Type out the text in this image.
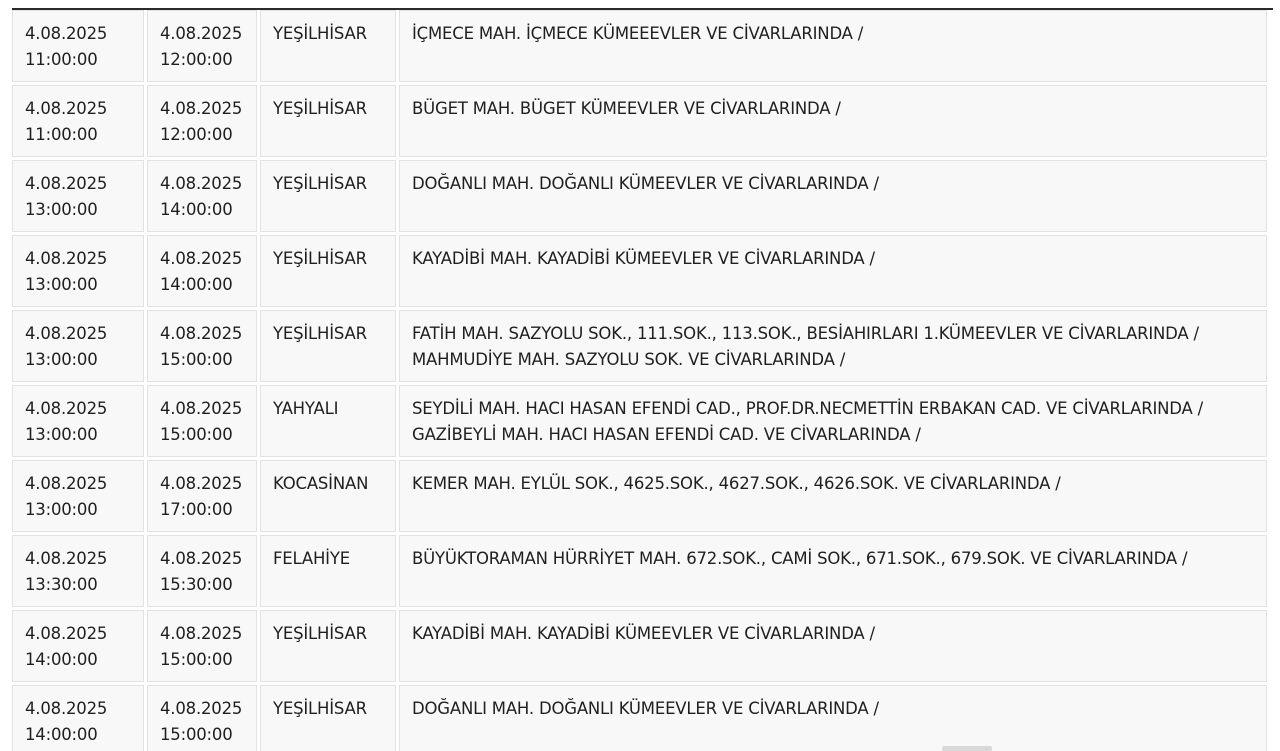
4.08.2025
11:00:00	4.08.2025
12:00:00	YEŞİLHİSAR	İÇMECE MAH. İÇMECE KÜMEEEVLER VE CİVARLARINDA /

4.08.2025
11:00:00	4.08.2025
12:00:00	YEŞİLHİSAR	BÜGET MAH. BÜGET KÜMEEVLER VE CİVARLARINDA /

4.08.2025
13:00:00	4.08.2025
14:00:00	YEŞİLHİSAR	DOĞANLI MAH. DOĞANLI KÜMEEVLER VE CİVARLARINDA /

4.08.2025
13:00:00	4.08.2025
14:00:00	YEŞİLHİSAR	KAYADİBİ MAH. KAYADİBİ KÜMEEVLER VE CİVARLARINDA /

4.08.2025
13:00:00	4.08.2025
15:00:00	YEŞİLHİSAR	FATİH MAH. SAZYOLU SOK., 111.SOK., 113.SOK., BESİAHIRLARI 1.KÜMEEVLER VE CİVARLARINDA /
MAHMUDİYE MAH. SAZYOLU SOK. VE CİVARLARINDA /

4.08.2025
13:00:00	4.08.2025
15:00:00	YAHYALI	SEYDİLİ MAH. HACI HASAN EFENDİ CAD., PROF.DR.NECMETTİN ERBAKAN CAD. VE CİVARLARINDA /
GAZİBEYLİ MAH. HACI HASAN EFENDİ CAD. VE CİVARLARINDA /

4.08.2025
13:00:00	4.08.2025
17:00:00	KOCASİNAN	KEMER MAH. EYLÜL SOK., 4625.SOK., 4627.SOK., 4626.SOK. VE CİVARLARINDA /

4.08.2025
13:30:00	4.08.2025
15:30:00	FELAHİYE	BÜYÜKTORAMAN HÜRRİYET MAH. 672.SOK., CAMİ SOK., 671.SOK., 679.SOK. VE CİVARLARINDA /

4.08.2025
14:00:00	4.08.2025
15:00:00	YEŞİLHİSAR	KAYADİBİ MAH. KAYADİBİ KÜMEEVLER VE CİVARLARINDA /

4.08.2025
14:00:00	4.08.2025
15:00:00	YEŞİLHİSAR	DOĞANLI MAH. DOĞANLI KÜMEEVLER VE CİVARLARINDA /
